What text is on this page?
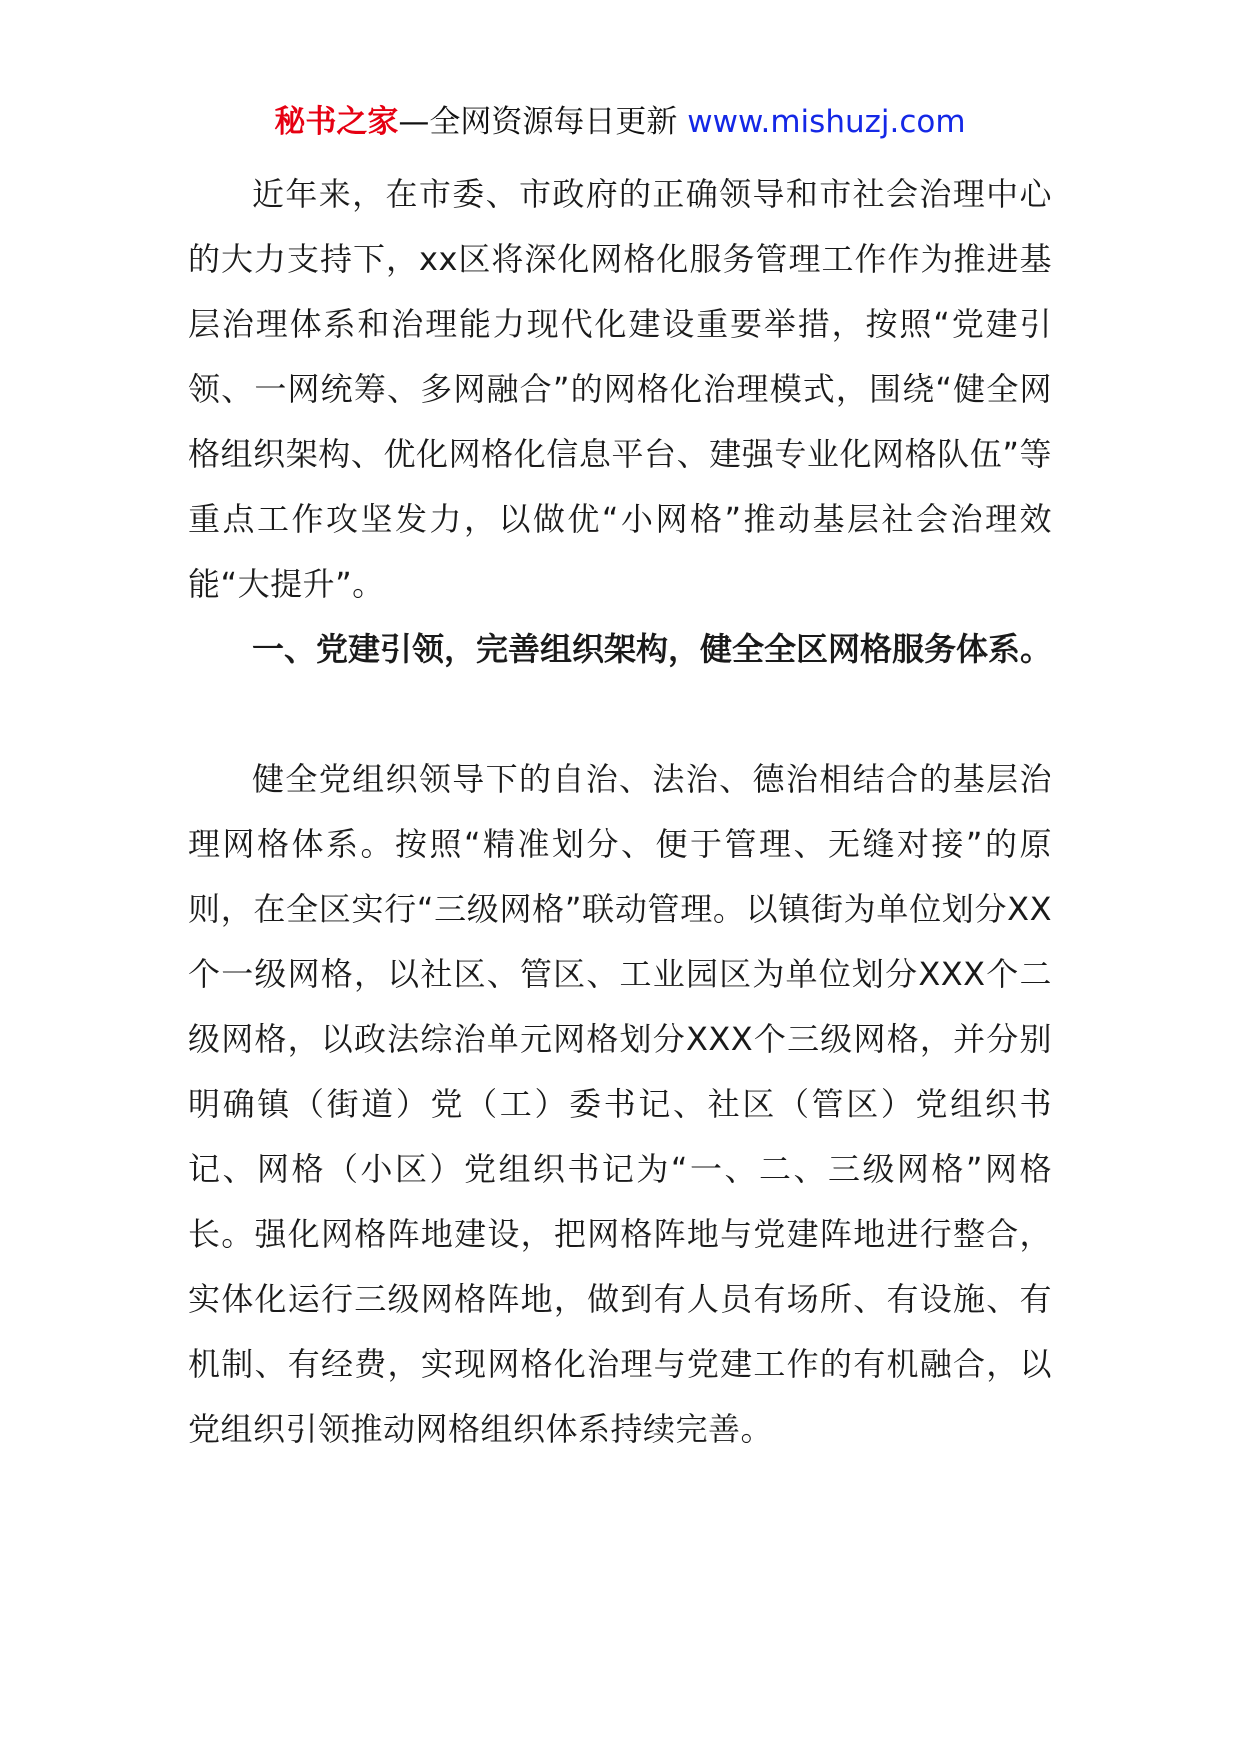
秘书之家—全网资源每日更新 www.mishuzj.com

近年来，在市委、市政府的正确领导和市社会治理中心的大力支持下，xx区将深化网格化服务管理工作作为推进基层治理体系和治理能力现代化建设重要举措，按照“党建引领、一网统筹、多网融合”的网格化治理模式，围绕“健全网格组织架构、优化网格化信息平台、建强专业化网格队伍”等重点工作攻坚发力，以做优“小网格”推动基层社会治理效能“大提升”。

一、党建引领，完善组织架构，健全全区网格服务体系。

健全党组织领导下的自治、法治、德治相结合的基层治理网格体系。按照“精准划分、便于管理、无缝对接”的原则，在全区实行“三级网格”联动管理。以镇街为单位划分XX个一级网格，以社区、管区、工业园区为单位划分XXX个二级网格，以政法综治单元网格划分XXX个三级网格，并分别明确镇（街道）党（工）委书记、社区（管区）党组织书记、网格（小区）党组织书记为“一、二、三级网格”网格长。强化网格阵地建设，把网格阵地与党建阵地进行整合，实体化运行三级网格阵地，做到有人员有场所、有设施、有机制、有经费，实现网格化治理与党建工作的有机融合，以党组织引领推动网格组织体系持续完善。
